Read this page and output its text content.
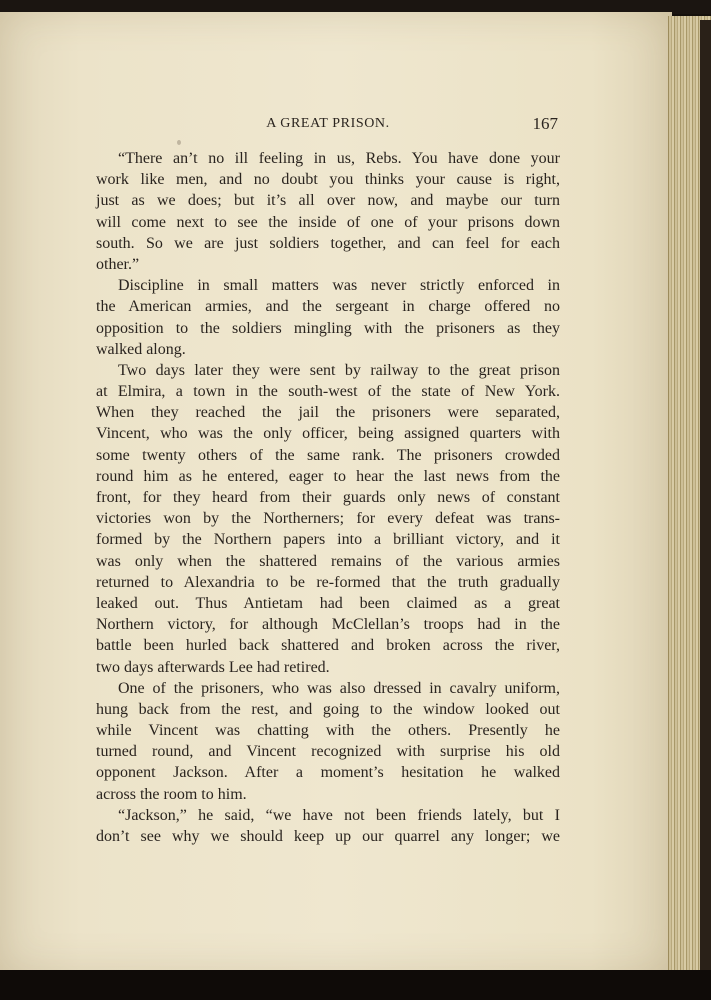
A GREAT PRISON.	167
“There an’t no ill feeling in us, Rebs. You have done your
work like men, and no doubt you thinks your cause is right,
just as we does; but it’s all over now, and maybe our turn
will come next to see the inside of one of your prisons down
south. So we are just soldiers together, and can feel for each
other.”
Discipline in small matters was never strictly enforced in
the American armies, and the sergeant in charge offered no
opposition to the soldiers mingling with the prisoners as they
walked along.
Two days later they were sent by railway to the great prison
at Elmira, a town in the south-west of the state of New York.
When they reached the jail the prisoners were separated,
Vincent, who was the only officer, being assigned quarters with
some twenty others of the same rank. The prisoners crowded
round him as he entered, eager to hear the last news from the
front, for they heard from their guards only news of constant
victories won by the Northerners; for every defeat was trans-
formed by the Northern papers into a brilliant victory, and it
was only when the shattered remains of the various armies
returned to Alexandria to be re-formed that the truth gradually
leaked out. Thus Antietam had been claimed as a great
Northern victory, for although McClellan’s troops had in the
battle been hurled back shattered and broken across the river,
two days afterwards Lee had retired.
One of the prisoners, who was also dressed in cavalry uniform,
hung back from the rest, and going to the window looked out
while Vincent was chatting with the others. Presently he
turned round, and Vincent recognized with surprise his old
opponent Jackson. After a moment’s hesitation he walked
across the room to him.
“Jackson,” he said, “we have not been friends lately, but I
don’t see why we should keep up our quarrel any longer; we
